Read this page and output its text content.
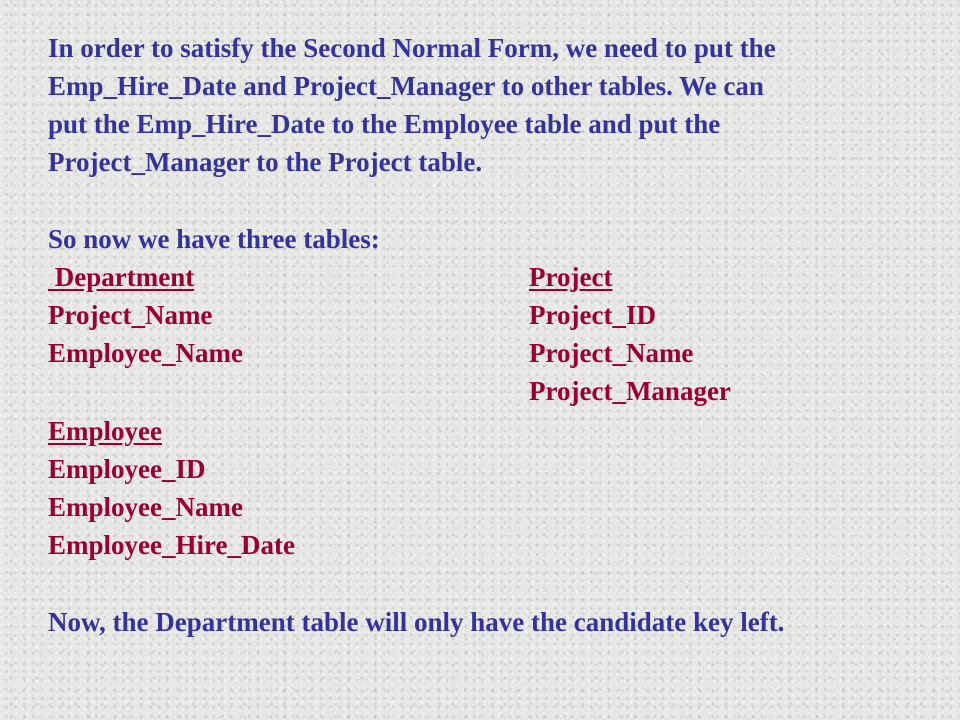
In order to satisfy the Second Normal Form, we need to put the
Emp_Hire_Date and Project_Manager to other tables. We can
put the Emp_Hire_Date to the Employee table and put the
Project_Manager to the Project table.
So now we have three tables:
Department
Project_Name
Employee_Name
Project
Project_ID
Project_Name
Project_Manager
Employee
Employee_ID
Employee_Name
Employee_Hire_Date
Now, the Department table will only have the candidate key left.
